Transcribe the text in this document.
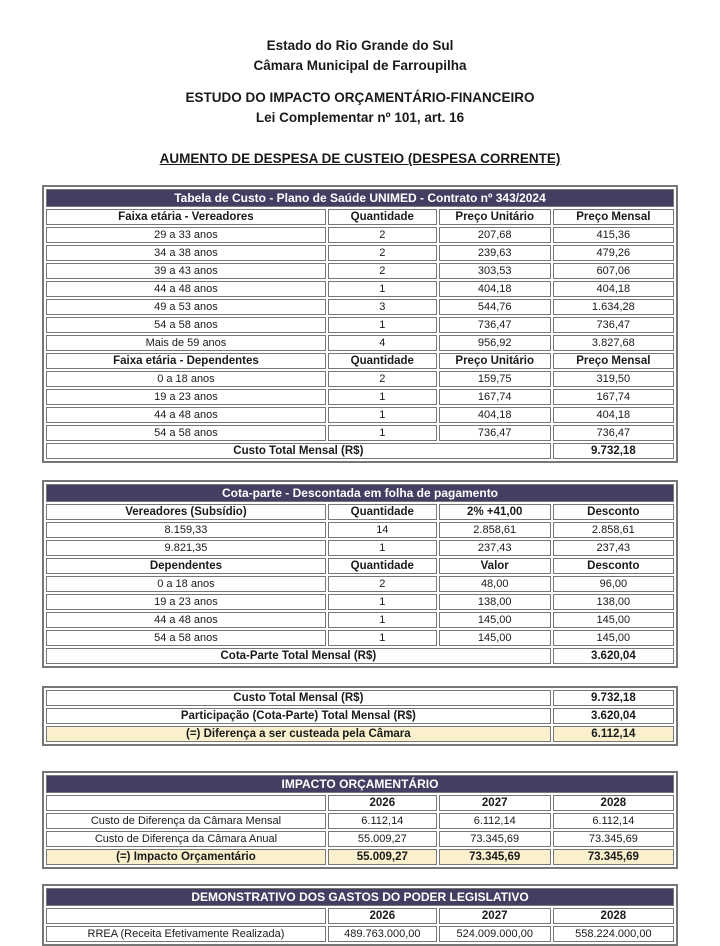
Estado do Rio Grande do Sul
Câmara Municipal de Farroupilha
ESTUDO DO IMPACTO ORÇAMENTÁRIO-FINANCEIRO
Lei Complementar nº 101, art. 16
AUMENTO DE DESPESA DE CUSTEIO (DESPESA CORRENTE)
Tabela de Custo - Plano de Saúde UNIMED - Contrato nº 343/2024			
Faixa etária - Vereadores	Quantidade	Preço Unitário	Preço Mensal
29 a 33 anos	2	207,68	415,36
34 a 38 anos	2	239,63	479,26
39 a 43 anos	2	303,53	607,06
44 a 48 anos	1	404,18	404,18
49 a 53 anos	3	544,76	1.634,28
54 a 58 anos	1	736,47	736,47
Mais de 59 anos	4	956,92	3.827,68
Faixa etária - Dependentes	Quantidade	Preço Unitário	Preço Mensal
0 a 18 anos	2	159,75	319,50
19 a 23 anos	1	167,74	167,74
44 a 48 anos	1	404,18	404,18
54 a 58 anos	1	736,47	736,47
Custo Total Mensal (R$)			9.732,18
Cota-parte - Descontada em folha de pagamento			
Vereadores (Subsídio)	Quantidade	2% +41,00	Desconto
8.159,33	14	2.858,61	2.858,61
9.821,35	1	237,43	237,43
Dependentes	Quantidade	Valor	Desconto
0 a 18 anos	2	48,00	96,00
19 a 23 anos	1	138,00	138,00
44 a 48 anos	1	145,00	145,00
54 a 58 anos	1	145,00	145,00
Cota-Parte Total Mensal (R$)			3.620,04
Custo Total Mensal (R$)	9.732,18
Participação (Cota-Parte) Total Mensal (R$)	3.620,04
(=) Diferença a ser custeada pela Câmara	6.112,14
IMPACTO ORÇAMENTÁRIO			
	2026	2027	2028
Custo de Diferença da Câmara Mensal	6.112,14	6.112,14	6.112,14
Custo de Diferença da Câmara Anual	55.009,27	73.345,69	73.345,69
(=) Impacto Orçamentário	55.009,27	73.345,69	73.345,69
DEMONSTRATIVO DOS GASTOS DO PODER LEGISLATIVO			
	2026	2027	2028
RREA (Receita Efetivamente Realizada)	489.763.000,00	524.009.000,00	558.224.000,00
